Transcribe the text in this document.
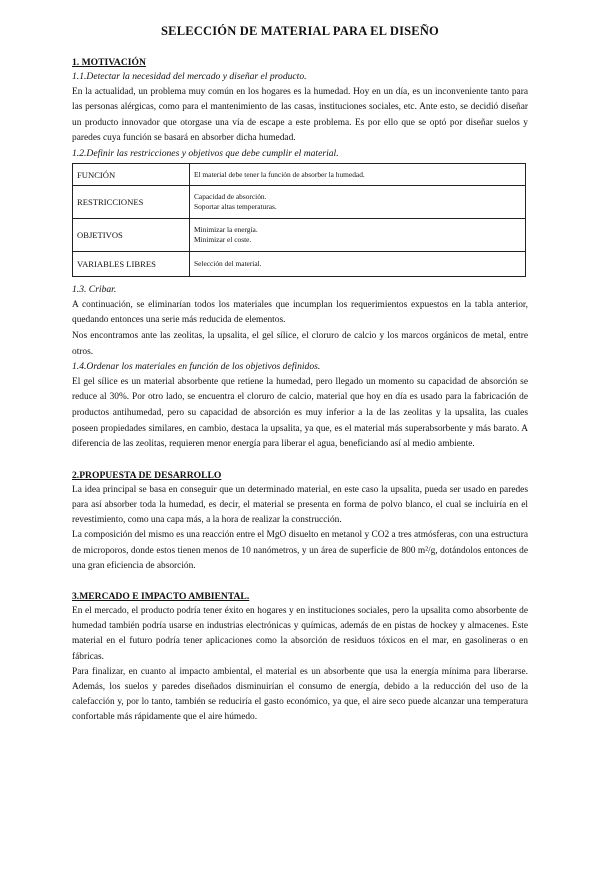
SELECCIÓN DE MATERIAL PARA EL DISEÑO
1. MOTIVACIÓN
1.1.Detectar la necesidad del mercado y diseñar el producto.

En la actualidad, un problema muy común en los hogares es la humedad. Hoy en un día, es un inconveniente tanto para las personas alérgicas, como para el mantenimiento de las casas, instituciones sociales, etc. Ante esto, se decidió diseñar un producto innovador que otorgase una vía de escape a este problema. Es por ello que se optó por diseñar suelos y paredes cuya función se basará en absorber dicha humedad.

1.2.Definir las restricciones y objetivos que debe cumplir el material.
FUNCIÓN	El material debe tener la función de absorber la humedad.
RESTRICCIONES	Capacidad de absorción.
Soportar altas temperaturas.
OBJETIVOS	Minimizar la energía.
Minimizar el coste.
VARIABLES LIBRES	Selección del material.
1.3. Cribar.

A continuación, se eliminarían todos los materiales que incumplan los requerimientos expuestos en la tabla anterior, quedando entonces una serie más reducida de elementos.

Nos encontramos ante las zeolitas, la upsalita, el gel sílice, el cloruro de calcio y los marcos orgánicos de metal, entre otros.

1.4.Ordenar los materiales en función de los objetivos definidos.

El gel sílice es un material absorbente que retiene la humedad, pero llegado un momento su capacidad de absorción se reduce al 30%. Por otro lado, se encuentra el cloruro de calcio, material que hoy en día es usado para la fabricación de productos antihumedad, pero su capacidad de absorción es muy inferior a la de las zeolitas y la upsalita, las cuales poseen propiedades similares, en cambio, destaca la upsalita, ya que, es el material más superabsorbente y más barato. A diferencia de las zeolitas, requieren menor energía para liberar el agua, beneficiando así al medio ambiente.

2.PROPUESTA DE DESARROLLO

La idea principal se basa en conseguir que un determinado material, en este caso la upsalita, pueda ser usado en paredes para así absorber toda la humedad, es decir, el material se presenta en forma de polvo blanco, el cual se incluiría en el revestimiento, como una capa más, a la hora de realizar la construcción.

La composición del mismo es una reacción entre el MgO disuelto en metanol y CO2 a tres atmósferas, con una estructura de microporos, donde estos tienen menos de 10 nanómetros, y un área de superficie de 800 m²/g, dotándolos entonces de una gran eficiencia de absorción.

3.MERCADO E IMPACTO AMBIENTAL.

En el mercado, el producto podría tener éxito en hogares y en instituciones sociales, pero la upsalita como absorbente de humedad también podría usarse en industrias electrónicas y químicas, además de en pistas de hockey y almacenes. Este material en el futuro podría tener aplicaciones como la absorción de residuos tóxicos en el mar, en gasolineras o en fábricas.

Para finalizar, en cuanto al impacto ambiental, el material es un absorbente que usa la energía mínima para liberarse. Además, los suelos y paredes diseñados disminuirían el consumo de energía, debido a la reducción del uso de la calefacción y, por lo tanto, también se reduciría el gasto económico, ya que, el aire seco puede alcanzar una temperatura confortable más rápidamente que el aire húmedo.
